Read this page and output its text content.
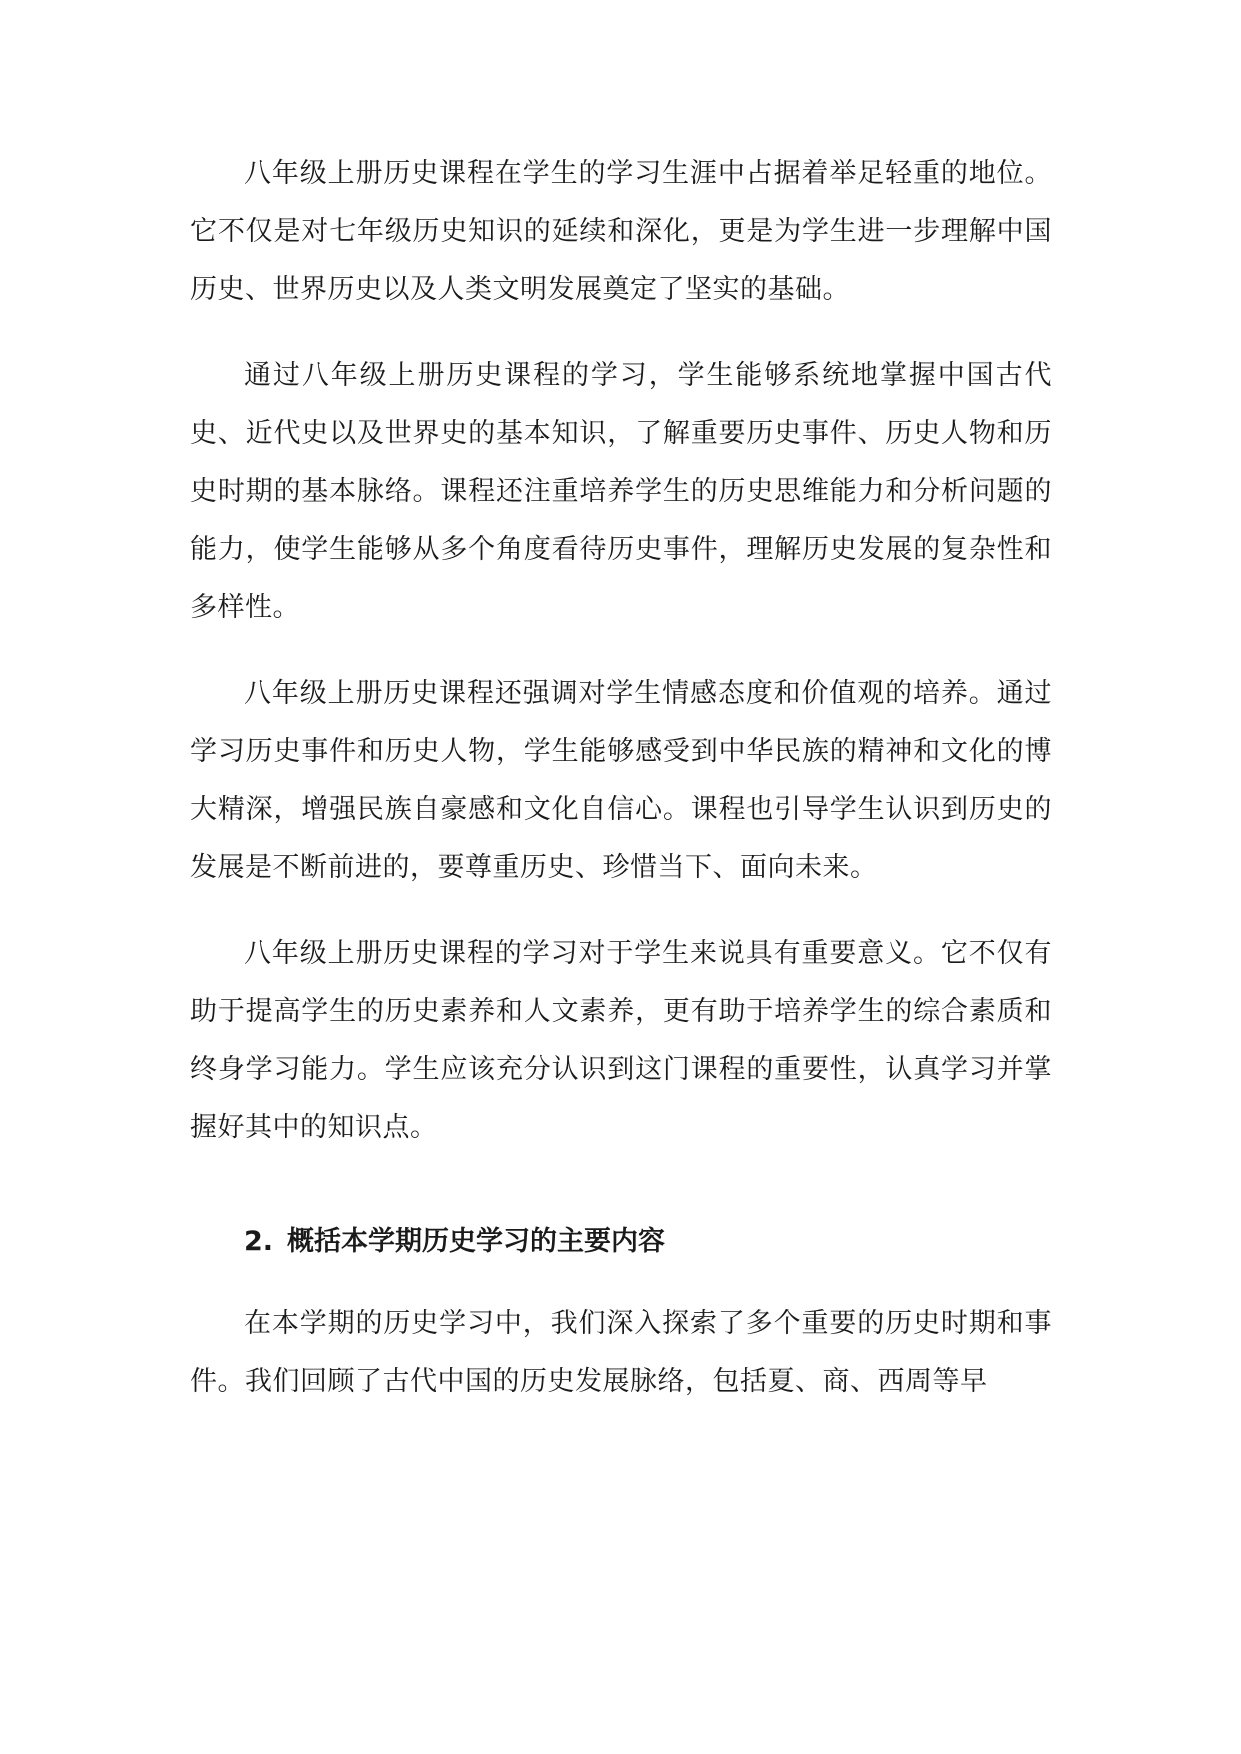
八年级上册历史课程在学生的学习生涯中占据着举足轻重的地位。它不仅是对七年级历史知识的延续和深化，更是为学生进一步理解中国历史、世界历史以及人类文明发展奠定了坚实的基础。

通过八年级上册历史课程的学习，学生能够系统地掌握中国古代史、近代史以及世界史的基本知识，了解重要历史事件、历史人物和历史时期的基本脉络。课程还注重培养学生的历史思维能力和分析问题的能力，使学生能够从多个角度看待历史事件，理解历史发展的复杂性和多样性。

八年级上册历史课程还强调对学生情感态度和价值观的培养。通过学习历史事件和历史人物，学生能够感受到中华民族的精神和文化的博大精深，增强民族自豪感和文化自信心。课程也引导学生认识到历史的发展是不断前进的，要尊重历史、珍惜当下、面向未来。

八年级上册历史课程的学习对于学生来说具有重要意义。它不仅有助于提高学生的历史素养和人文素养，更有助于培养学生的综合素质和终身学习能力。学生应该充分认识到这门课程的重要性，认真学习并掌握好其中的知识点。

2. 概括本学期历史学习的主要内容

在本学期的历史学习中，我们深入探索了多个重要的历史时期和事件。我们回顾了古代中国的历史发展脉络，包括夏、商、西周等早
